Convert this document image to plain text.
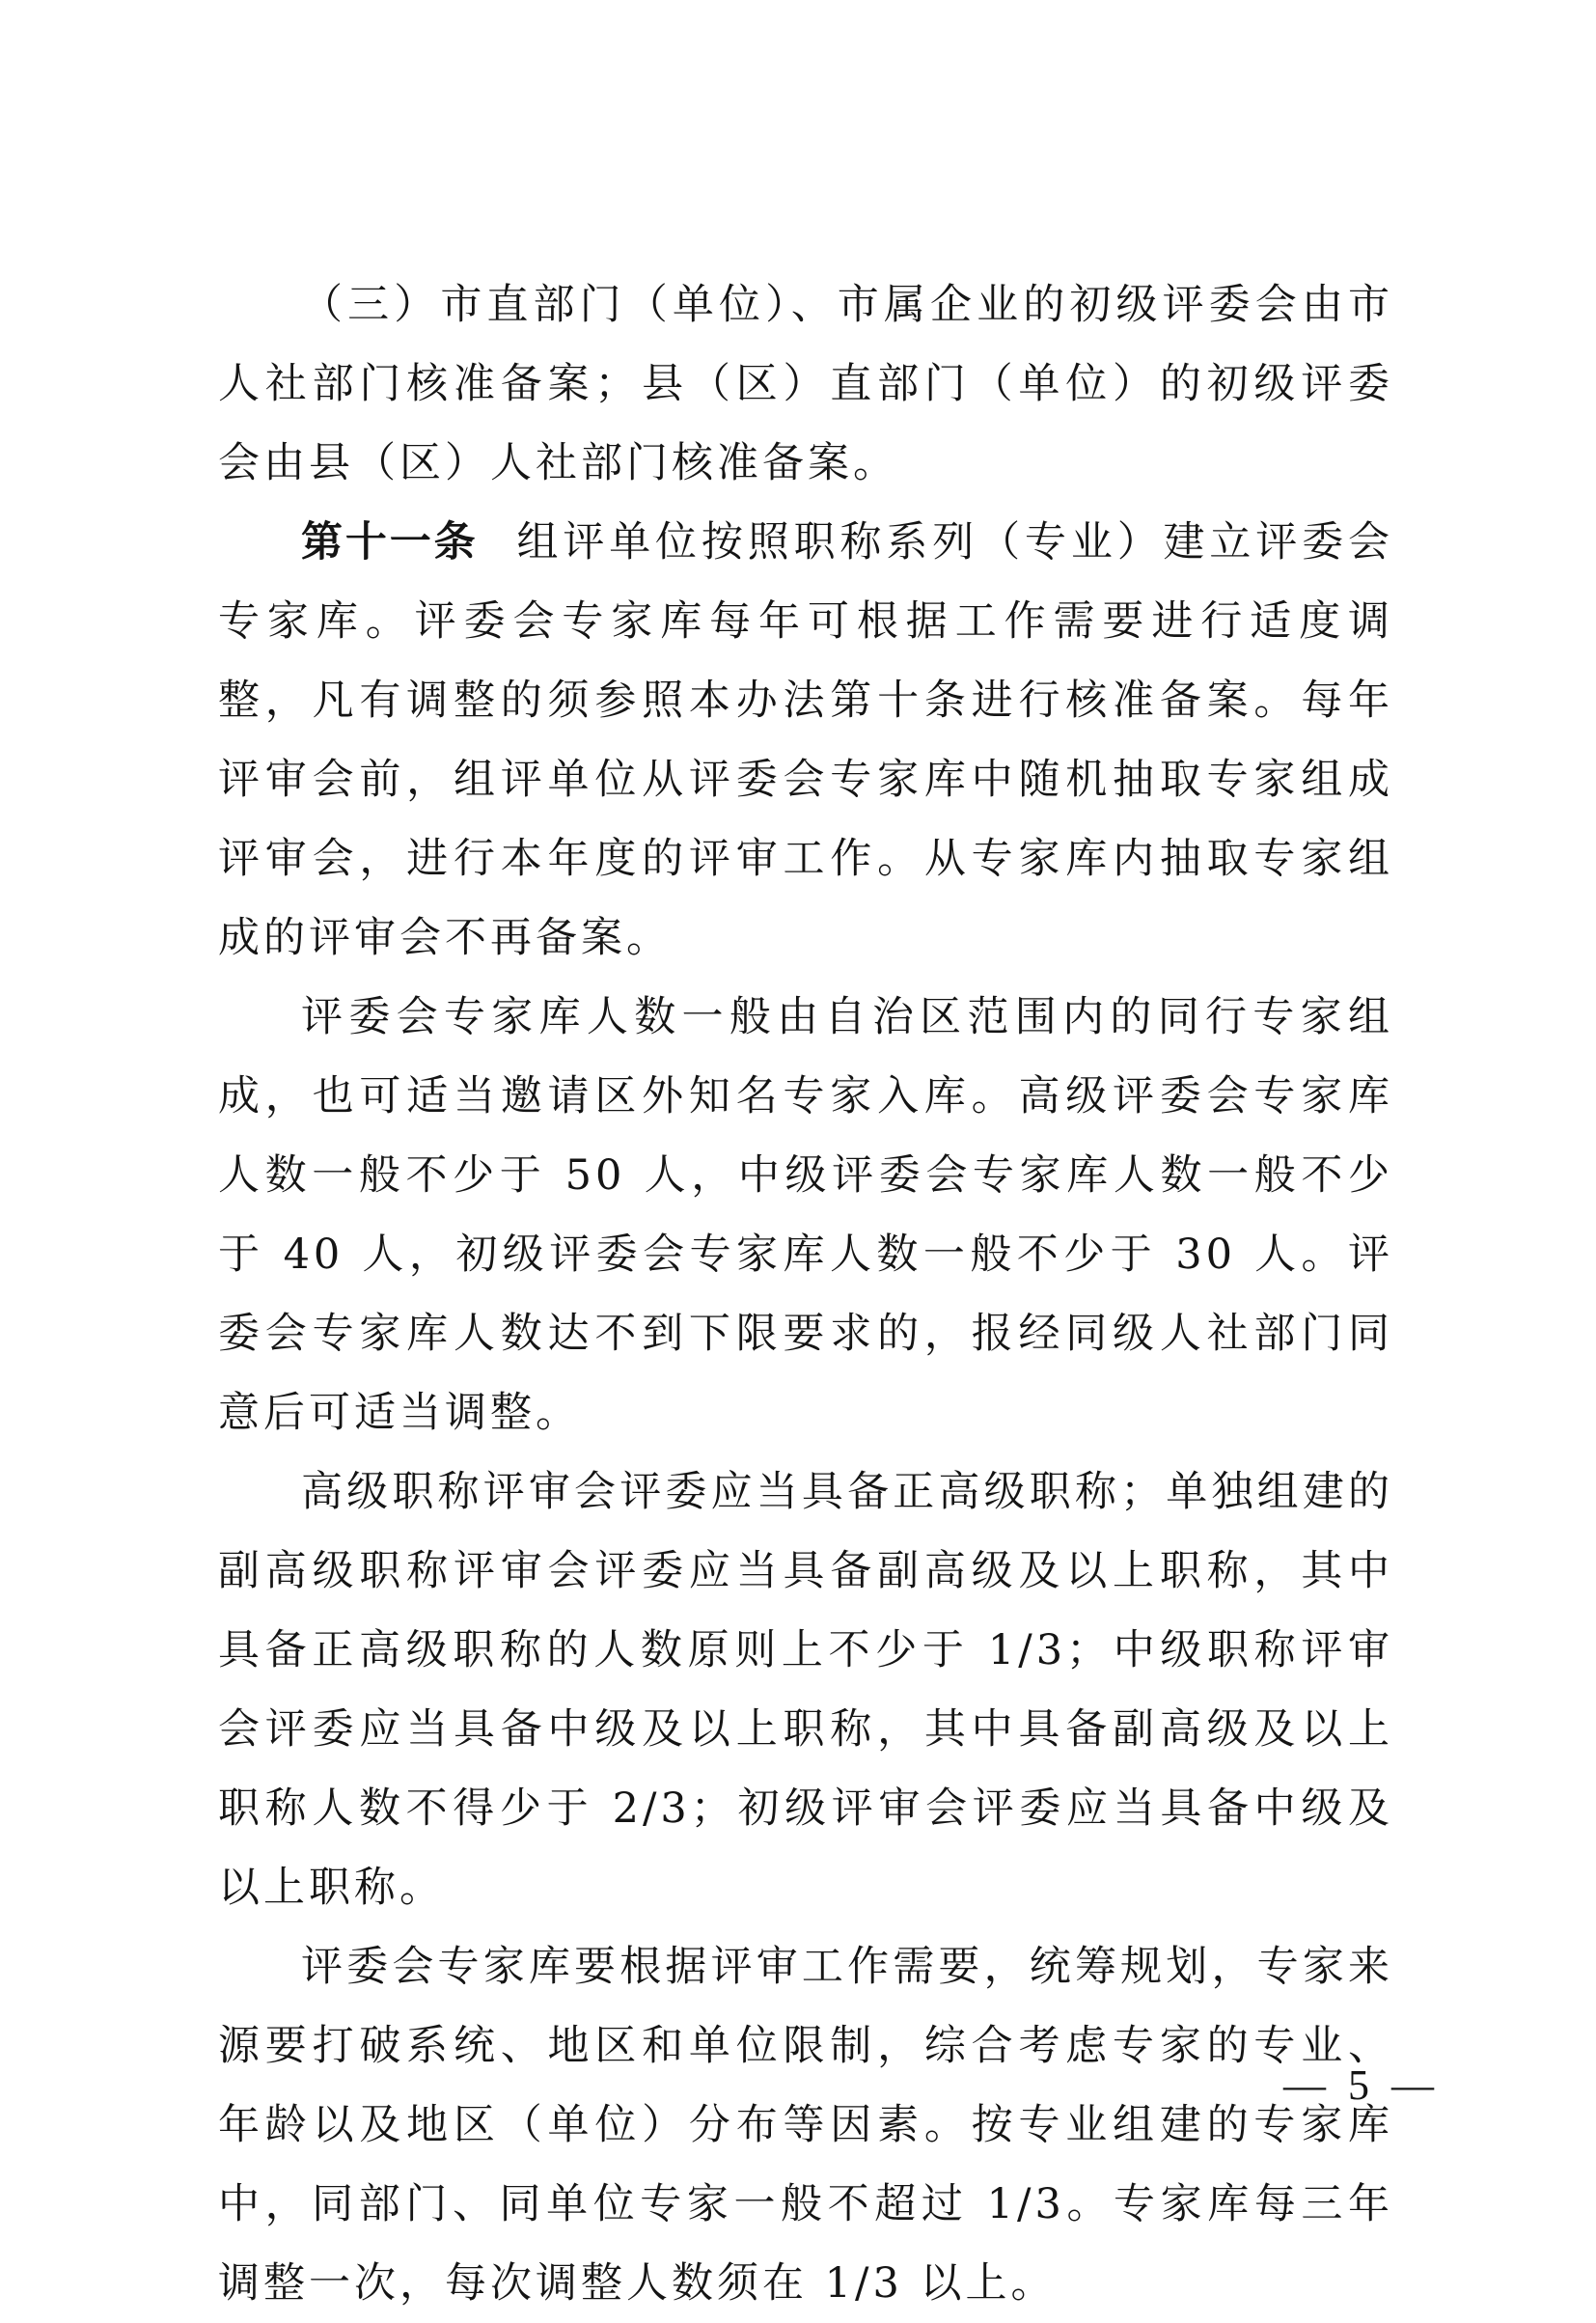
（三）市直部门（单位）、市属企业的初级评委会由市人社部门核准备案；县（区）直部门（单位）的初级评委会由县（区）人社部门核准备案。

第十一条 组评单位按照职称系列（专业）建立评委会专家库。评委会专家库每年可根据工作需要进行适度调整，凡有调整的须参照本办法第十条进行核准备案。每年评审会前，组评单位从评委会专家库中随机抽取专家组成评审会，进行本年度的评审工作。从专家库内抽取专家组成的评审会不再备案。

评委会专家库人数一般由自治区范围内的同行专家组成，也可适当邀请区外知名专家入库。高级评委会专家库人数一般不少于 50 人，中级评委会专家库人数一般不少于 40 人，初级评委会专家库人数一般不少于 30 人。评委会专家库人数达不到下限要求的，报经同级人社部门同意后可适当调整。

高级职称评审会评委应当具备正高级职称；单独组建的副高级职称评审会评委应当具备副高级及以上职称，其中具备正高级职称的人数原则上不少于 1/3；中级职称评审会评委应当具备中级及以上职称，其中具备副高级及以上职称人数不得少于 2/3；初级评审会评委应当具备中级及以上职称。

评委会专家库要根据评审工作需要，统筹规划，专家来源要打破系统、地区和单位限制，综合考虑专家的专业、年龄以及地区（单位）分布等因素。按专业组建的专家库中，同部门、同单位专家一般不超过 1/3。专家库每三年调整一次，每次调整人数须在 1/3 以上。

— 5 —
